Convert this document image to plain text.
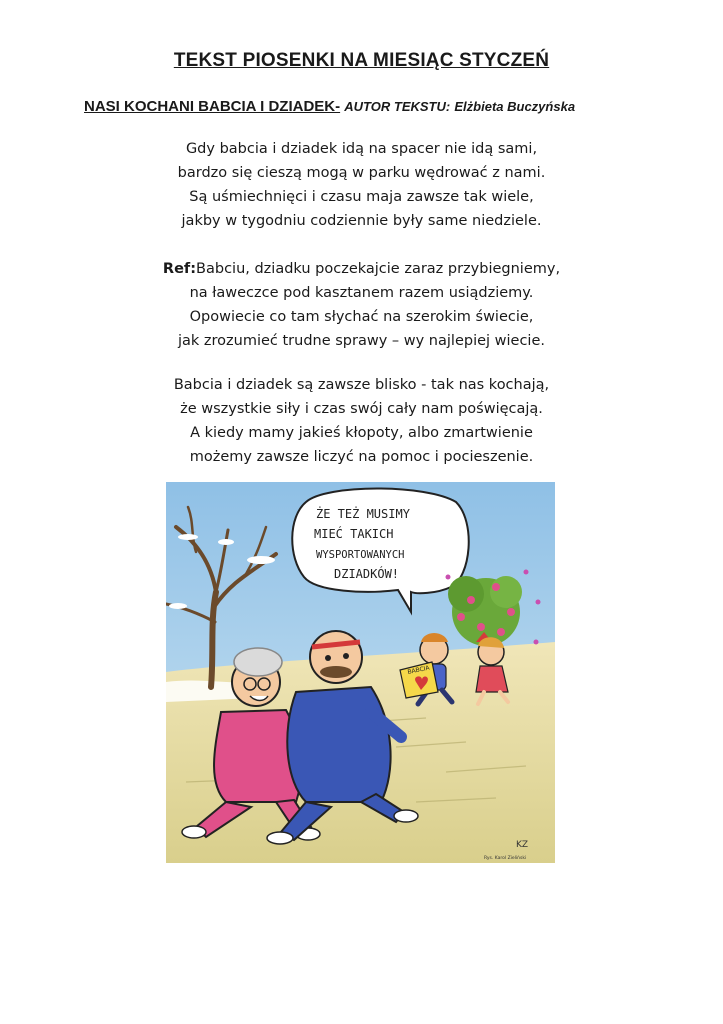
TEKST PIOSENKI NA MIESIĄC STYCZEŃ
NASI KOCHANI BABCIA I DZIADEK- AUTOR TEKSTU: Elżbieta Buczyńska

Gdy babcia i dziadek idą na spacer nie idą sami,

bardzo się cieszą mogą w parku wędrować z nami.

Są uśmiechnięci i czasu maja zawsze tak wiele,

jakby w tygodniu codziennie były same niedziele.

Ref:Babciu, dziadku poczekajcie zaraz przybiegniemy,

na ławeczce pod kasztanem razem usiądziemy.

Opowiecie co tam słychać na szerokim świecie,

jak zrozumieć trudne sprawy – wy najlepiej wiecie.

Babcia i dziadek są zawsze blisko - tak nas kochają,

że wszystkie siły i czas swój cały nam poświęcają.

A kiedy mamy jakieś kłopoty, albo zmartwienie

możemy zawsze liczyć na pomoc i pocieszenie.

ŻE TEŻ MUSIMY
MIEĆ TAKICH
WYSPORTOWANYCH
DZIADKÓW!
BABCIA
KZ
Rys. Karol Zieliński
